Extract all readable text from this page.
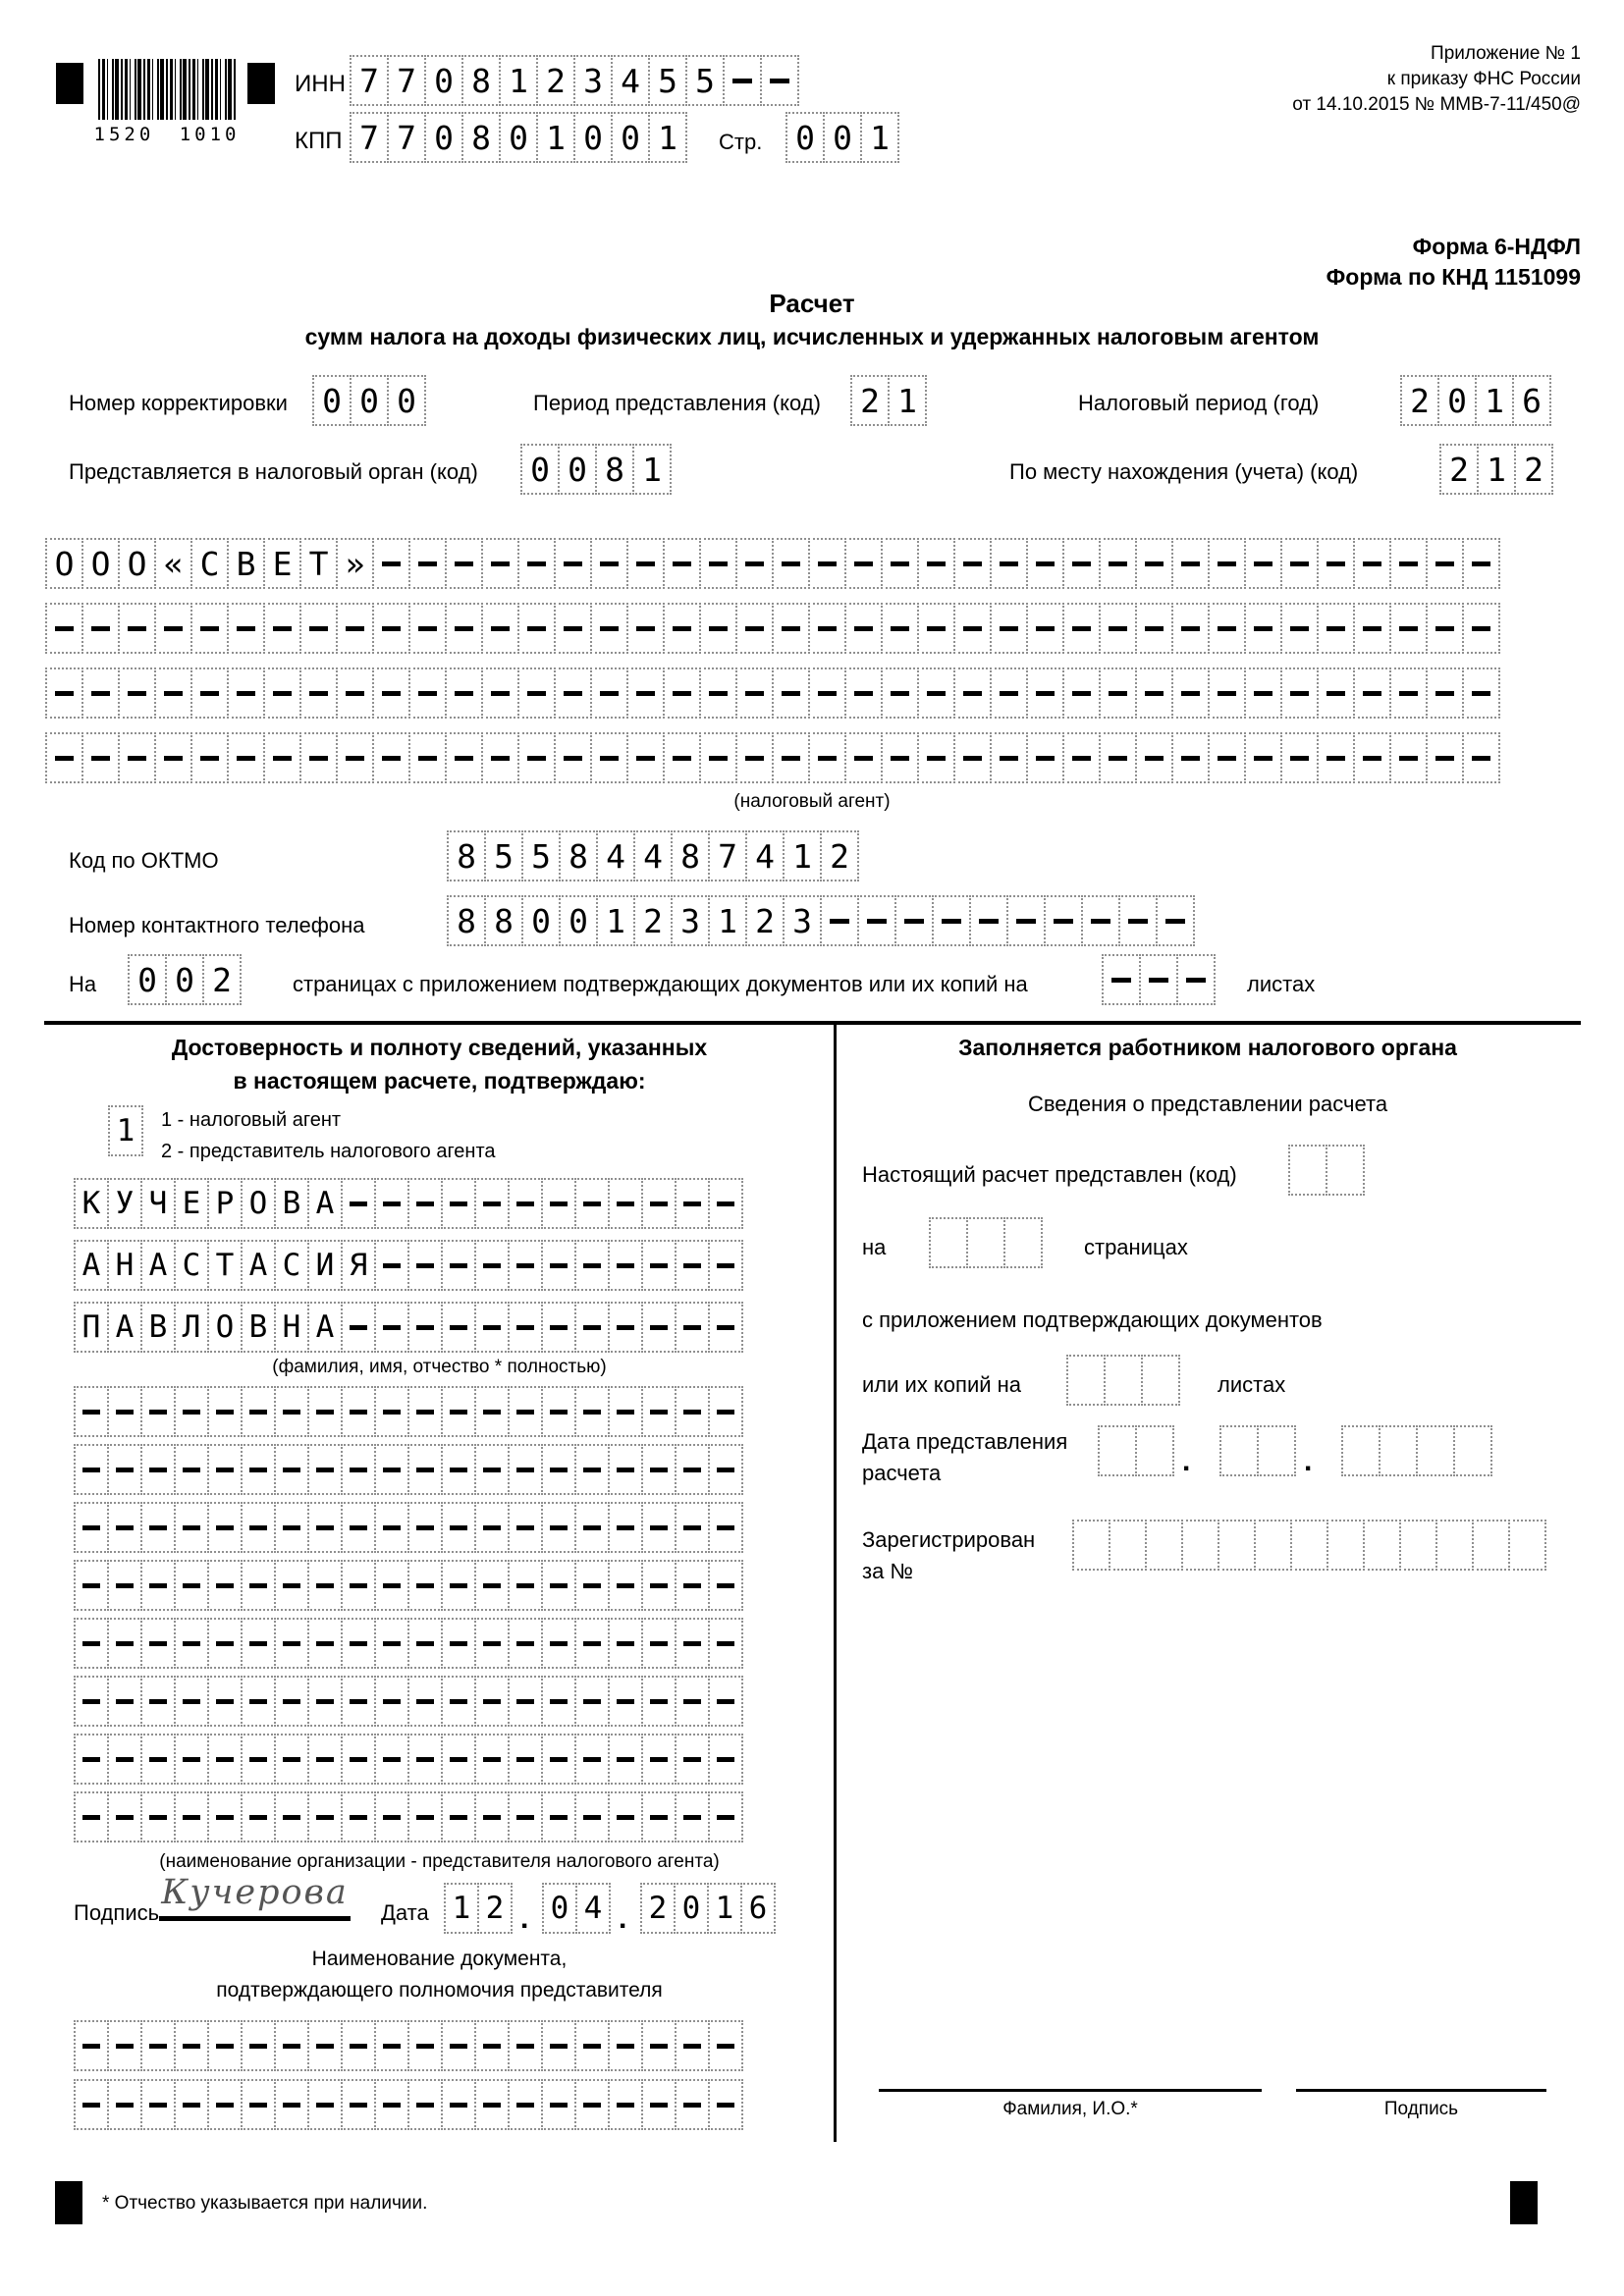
1520 1010
ИНН 7 7 0 8 1 2 3 4 5 5
КПП 7 7 0 8 0 1 0 0 1	Стр.	0 0 1
Приложение № 1
к приказу ФНС России
от 14.10.2015 № ММВ-7-11/450@
Форма 6-НДФЛ
Форма по КНД 1151099
Расчет
сумм налога на доходы физических лиц, исчисленных и удержанных налоговым агентом
Номер корректировки	0 0 0	Период представления (код)	2 1	Налоговый период (год)	2 0 1 6
Представляется в налоговый орган (код)	0 0 8 1	По месту нахождения (учета) (код)	2 1 2
О О О « С В Е Т »
(налоговый агент)
Код по ОКТМО	8 5 5 8 4 4 8 7 4 1 2
Номер контактного телефона	8 8 0 0 1 2 3 1 2 3
На	0 0 2	страницах с приложением подтверждающих документов или их копий на	листах
Достоверность и полноту сведений, указанных
в настоящем расчете, подтверждаю:
1	1 - налоговый агент
2 - представитель налогового агента
К У Ч Е Р О В А
А Н А С Т А С И Я
П А В Л О В Н А
(фамилия, имя, отчество * полностью)
(наименование организации - представителя налогового агента)
Подпись
Кучерова
Дата 1 2 . 0 4 . 2 0 1 6
Наименование документа,
подтверждающего полномочия представителя
Заполняется работником налогового органа
Сведения о представлении расчета
Настоящий расчет представлен (код)
на	страницах
с приложением подтверждающих документов
или их копий на	листах
Дата представления
расчета
.
.
Зарегистрирован
за №
Фамилия, И.О.*	Подпись
* Отчество указывается при наличии.
